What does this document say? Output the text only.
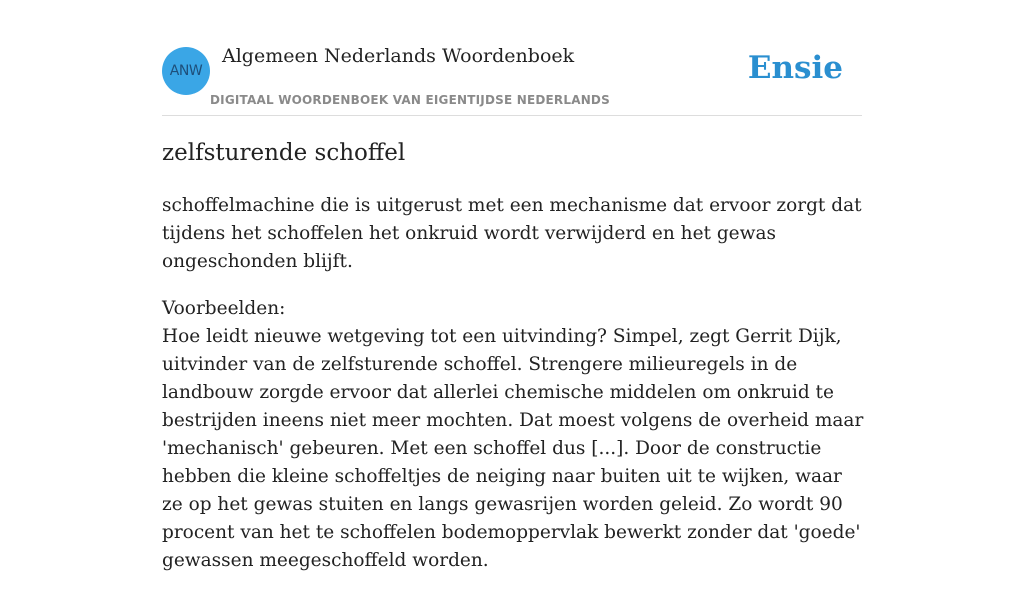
ANW
Algemeen Nederlands Woordenboek
DIGITAAL WOORDENBOEK VAN EIGENTIJDSE NEDERLANDS
Ensie
zelfsturende schoffel

schoffelmachine die is uitgerust met een mechanisme dat ervoor zorgt dat tijdens het schoffelen het onkruid wordt verwijderd en het gewas ongeschonden blijft.

Voorbeelden:
Hoe leidt nieuwe wetgeving tot een uitvinding? Simpel, zegt Gerrit Dijk, uitvinder van de zelfsturende schoffel. Strengere milieuregels in de landbouw zorgde ervoor dat allerlei chemische middelen om onkruid te bestrijden ineens niet meer mochten. Dat moest volgens de overheid maar 'mechanisch' gebeuren. Met een schoffel dus [...]. Door de constructie hebben die kleine schoffeltjes de neiging naar buiten uit te wijken, waar ze op het gewas stuiten en langs gewasrijen worden geleid. Zo wordt 90 procent van het te schoffelen bodemoppervlak bewerkt zonder dat 'goede' gewassen meegeschoffeld worden.
